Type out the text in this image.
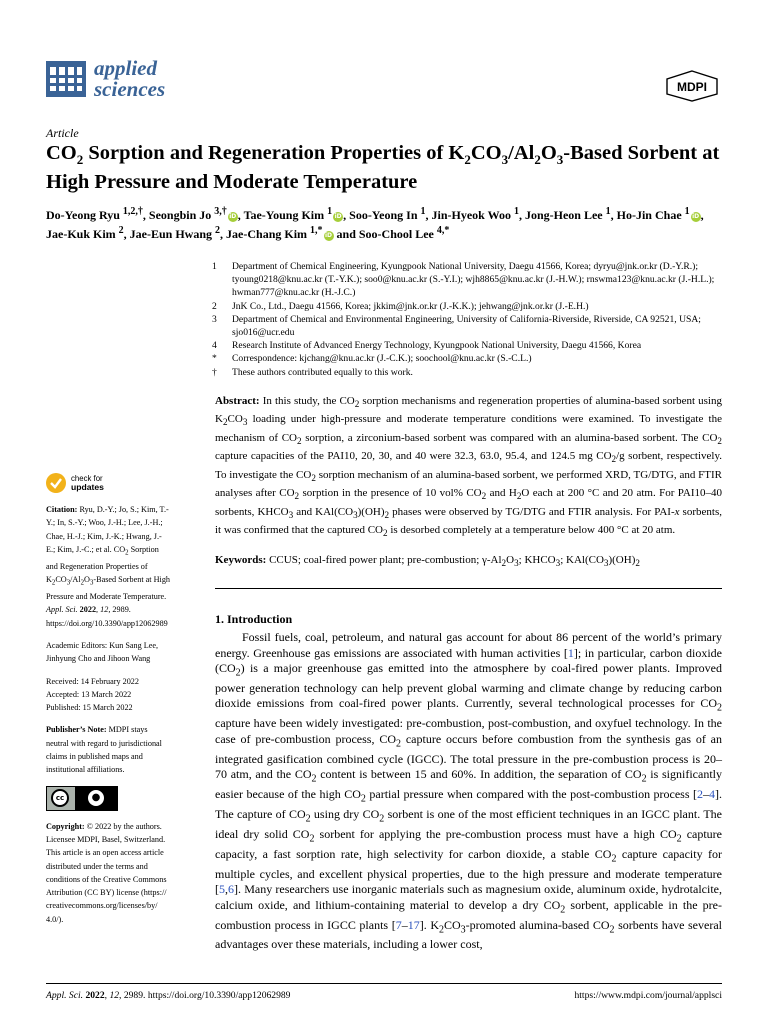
applied
sciences	MDPI
Article
$CO_2$ Sorption and Regeneration Properties of $K_2CO_3/Al_2O_3$-Based Sorbent at High Pressure and Moderate Temperature
Do-Yeong Ryu $^{1,2,\dagger}$, Seongbin Jo $^{3,\dagger}$ iD, Tae-Young Kim $^1$ iD, Soo-Yeong In $^1$, Jin-Hyeok Woo $^1$, Jong-Heon Lee $^1$, Ho-Jin Chae $^1$ iD, Jae-Kuk Kim $^2$, Jae-Eun Hwang $^2$, Jae-Chang Kim $^{1,*}$ iD and Soo-Chool Lee $^{4,*}$
1	Department of Chemical Engineering, Kyungpook National University, Daegu 41566, Korea; dyryu@jnk.or.kr (D.-Y.R.); tyoung0218@knu.ac.kr (T.-Y.K.); soo0@knu.ac.kr (S.-Y.I.); wjh8865@knu.ac.kr (J.-H.W.); rnswma123@knu.ac.kr (J.-H.L.); hwman777@knu.ac.kr (H.-J.C.)
2	JnK Co., Ltd., Daegu 41566, Korea; jkkim@jnk.or.kr (J.-K.K.); jehwang@jnk.or.kr (J.-E.H.)
3	Department of Chemical and Environmental Engineering, University of California-Riverside, Riverside, CA 92521, USA; sjo016@ucr.edu
4	Research Institute of Advanced Energy Technology, Kyungpook National University, Daegu 41566, Korea
*	Correspondence: kjchang@knu.ac.kr (J.-C.K.); soochool@knu.ac.kr (S.-C.L.)
†	These authors contributed equally to this work.
Abstract: In this study, the $CO_2$ sorption mechanisms and regeneration properties of alumina-based sorbent using $K_2CO_3$ loading under high-pressure and moderate temperature conditions were examined. To investigate the mechanism of $CO_2$ sorption, a zirconium-based sorbent was compared with an alumina-based sorbent. The $CO_2$ capture capacities of the PAI10, 20, 30, and 40 were 32.3, 63.0, 95.4, and 124.5 mg $CO_2/g$ sorbent, respectively. To investigate the $CO_2$ sorption mechanism of an alumina-based sorbent, we performed XRD, TG/DTG, and FTIR analyses after $CO_2$ sorption in the presence of 10 vol% $CO_2$ and $H_2O$ each at 200 °C and 20 atm. For PAI10–40 sorbents, $KHCO_3$ and $KAl(CO_3)(OH)_2$ phases were observed by TG/DTG and FTIR analysis. For PAI-x sorbents, it was confirmed that the captured $CO_2$ is desorbed completely at a temperature below 400 °C at 20 atm.
Keywords: CCUS; coal-fired power plant; pre-combustion; $\gamma-Al_2O_3$; $KHCO_3$; $KAl(CO_3)(OH)_2$
1. Introduction
Fossil fuels, coal, petroleum, and natural gas account for about 86 percent of the world’s primary energy. Greenhouse gas emissions are associated with human activities [1]; in particular, carbon dioxide $(CO_2)$ is a major greenhouse gas emitted into the atmosphere by coal-fired power plants. Improved power generation technology can help prevent global warming and climate change by reducing carbon dioxide emissions from coal-fired power plants. Currently, several technological processes for $CO_2$ capture have been widely investigated: pre-combustion, post-combustion, and oxyfuel technology. In the case of pre-combustion process, $CO_2$ capture occurs before combustion from the synthesis gas of an integrated gasification combined cycle (IGCC). The total pressure in the pre-combustion process is 20–70 atm, and the $CO_2$ content is between 15 and 60%. In addition, the separation of $CO_2$ is significantly easier because of the high $CO_2$ partial pressure when compared with the post-combustion process [2–4]. The capture of $CO_2$ using dry $CO_2$ sorbent is one of the most efficient techniques in an IGCC plant. The ideal dry solid $CO_2$ sorbent for applying the pre-combustion process must have a high $CO_2$ capture capacity, a fast sorption rate, high selectivity for carbon dioxide, a stable $CO_2$ capture capacity for multiple cycles, and excellent physical properties, due to the high pressure and moderate temperature [5,6]. Many researchers use inorganic materials such as magnesium oxide, aluminum oxide, hydrotalcite, calcium oxide, and lithium-containing material to develop a dry $CO_2$ sorbent, applicable in the pre-combustion process in IGCC plants [7–17]. $K_2CO_3$-promoted alumina-based $CO_2$ sorbents have several advantages over these materials, including a lower cost,
check for
updates
Citation: Ryu, D.-Y.; Jo, S.; Kim, T.-Y.; In, S.-Y.; Woo, J.-H.; Lee, J.-H.; Chae, H.-J.; Kim, J.-K.; Hwang, J.-E.; Kim, J.-C.; et al. $CO_2$ Sorption and Regeneration Properties of $K_2CO_3/Al_2O_3$-Based Sorbent at High Pressure and Moderate Temperature. Appl. Sci. 2022, 12, 2989. https://doi.org/10.3390/app12062989
Academic Editors: Kun Sang Lee, Jinhyung Cho and Jihoon Wang
Received: 14 February 2022
Accepted: 13 March 2022
Published: 15 March 2022
Publisher’s Note: MDPI stays neutral with regard to jurisdictional claims in published maps and institutional affiliations.
cc	●
Copyright: © 2022 by the authors. Licensee MDPI, Basel, Switzerland. This article is an open access article distributed under the terms and conditions of the Creative Commons Attribution (CC BY) license (https:// creativecommons.org/licenses/by/ 4.0/).
Appl. Sci. 2022, 12, 2989. https://doi.org/10.3390/app12062989	https://www.mdpi.com/journal/applsci
